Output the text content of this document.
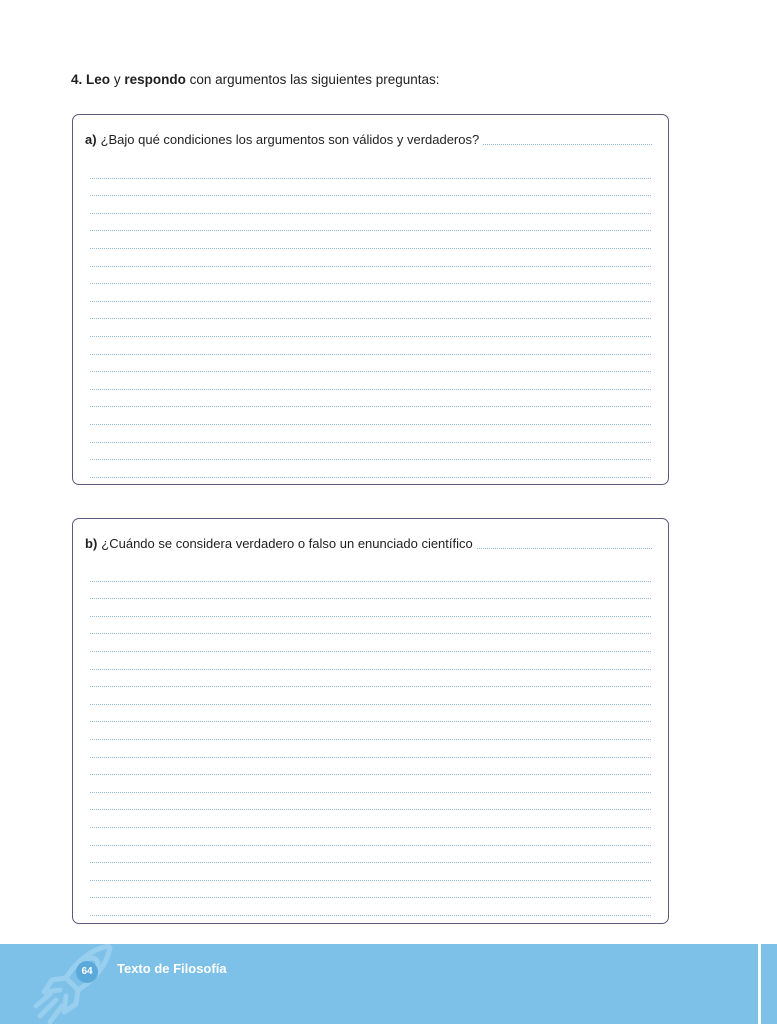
4. Leo y respondo con argumentos las siguientes preguntas:
a) ¿Bajo qué condiciones los argumentos son válidos y verdaderos?
b) ¿Cuándo se considera verdadero o falso un enunciado científico
64	Texto de Filosofía
